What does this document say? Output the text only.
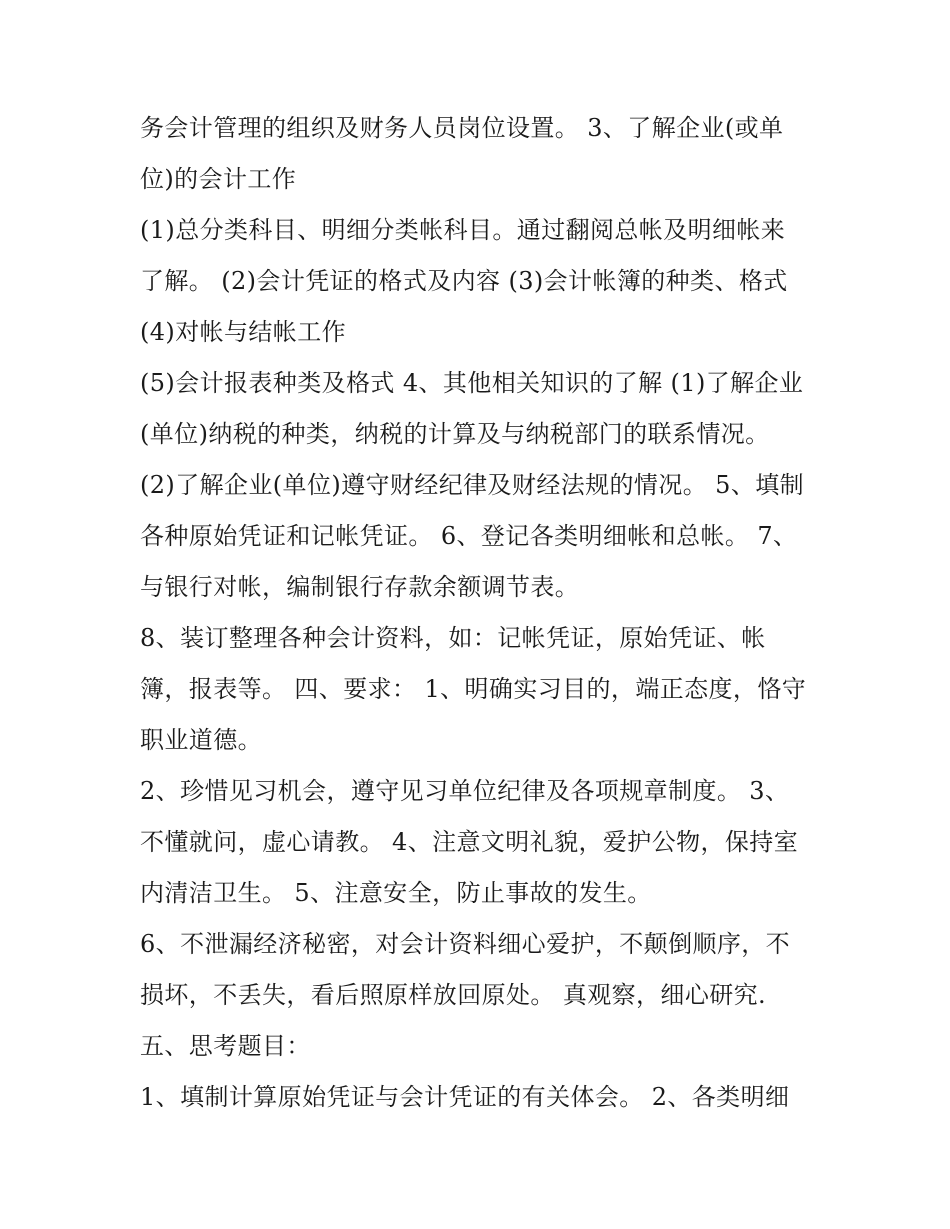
务会计管理的组织及财务人员岗位设置。 3、了解企业(或单
位)的会计工作
(1)总分类科目、明细分类帐科目。通过翻阅总帐及明细帐来
了解。 (2)会计凭证的格式及内容 (3)会计帐簿的种类、格式
(4)对帐与结帐工作
(5)会计报表种类及格式 4、其他相关知识的了解 (1)了解企业
(单位)纳税的种类，纳税的计算及与纳税部门的联系情况。
(2)了解企业(单位)遵守财经纪律及财经法规的情况。 5、填制
各种原始凭证和记帐凭证。 6、登记各类明细帐和总帐。 7、
与银行对帐，编制银行存款余额调节表。
8、装订整理各种会计资料，如：记帐凭证，原始凭证、帐
簿，报表等。 四、要求： 1、明确实习目的，端正态度，恪守
职业道德。
2、珍惜见习机会，遵守见习单位纪律及各项规章制度。 3、
不懂就问，虚心请教。 4、注意文明礼貌，爱护公物，保持室
内清洁卫生。 5、注意安全，防止事故的发生。
6、不泄漏经济秘密，对会计资料细心爱护，不颠倒顺序，不
损坏，不丢失，看后照原样放回原处。 真观察，细心研究.
五、思考题目：
1、填制计算原始凭证与会计凭证的有关体会。 2、各类明细
